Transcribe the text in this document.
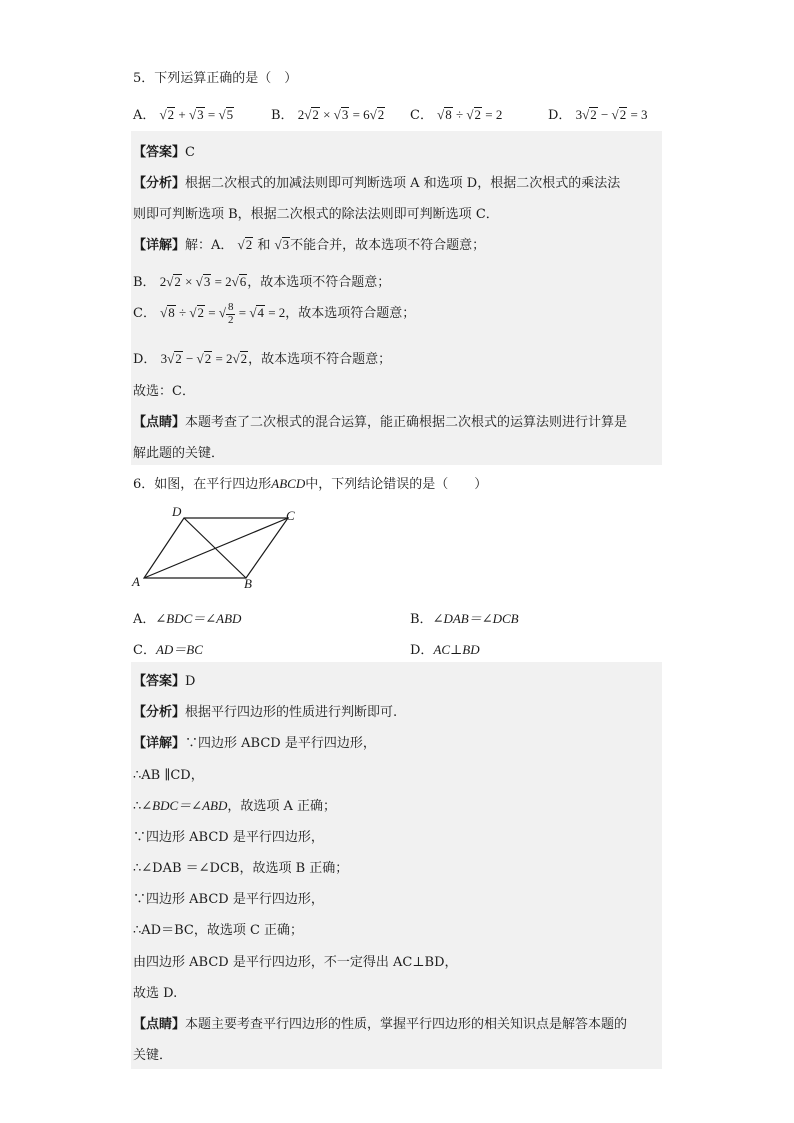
5．下列运算正确的是（　）
A． √2 + √3 = √5	B． 2√2 × √3 = 6√2 C． √8 ÷ √2 = 2	D． 3√2 − √2 = 3
【答案】C
【分析】根据二次根式的加减法则即可判断选项 A 和选项 D，根据二次根式的乘法法
则即可判断选项 B，根据二次根式的除法法则即可判断选项 C．
【详解】解：A． √2 和 √3不能合并，故本选项不符合题意；
B． 2√2 × √3 = 2√6，故本选项不符合题意；
C． √8 ÷ √2 = √ $\frac{8}{2} = √4 = 2$，故本选项符合题意；
D． 3√2 − √2 = 2√2，故本选项不符合题意；
故选：C．
【点睛】本题考查了二次根式的混合运算，能正确根据二次根式的运算法则进行计算是
解此题的关键．
6．如图，在平行四边形ABCD中，下列结论错误的是（　　）
D	C
A	B
A．∠BDC＝∠ABD	B．∠DAB＝∠DCB
C．AD＝BC	D．AC⊥BD
【答案】D
【分析】根据平行四边形的性质进行判断即可.
【详解】∵四边形 ABCD 是平行四边形，
∴AB ∥CD，
∴∠BDC＝∠ABD，故选项 A 正确；
∵四边形 ABCD 是平行四边形，
∴∠DAB ＝∠DCB，故选项 B 正确；
∵四边形 ABCD 是平行四边形，
∴AD＝BC，故选项 C 正确；
由四边形 ABCD 是平行四边形，不一定得出 AC⊥BD，
故选 D.
【点睛】本题主要考查平行四边形的性质，掌握平行四边形的相关知识点是解答本题的
关键．
